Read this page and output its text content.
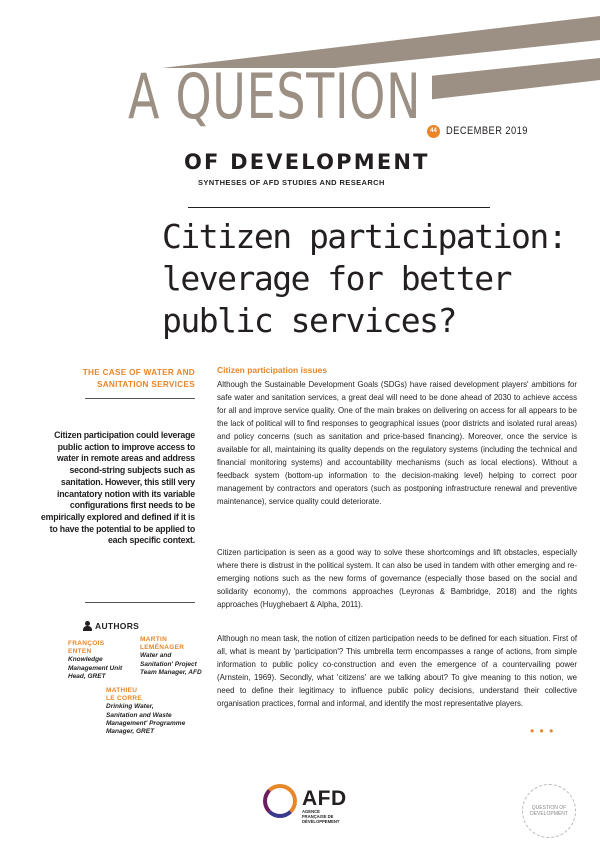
A QUESTION	44 DECEMBER 2019
OF DEVELOPMENT
SYNTHESES OF AFD STUDIES AND RESEARCH
Citizen participation: leverage for better public services?
THE CASE OF WATER AND SANITATION SERVICES
Citizen participation could leverage public action to improve access to water in remote areas and address second-string subjects such as sanitation. However, this still very incantatory notion with its variable configurations first needs to be empirically explored and defined if it is to have the potential to be applied to each specific context.
AUTHORS
FRANÇOIS
ENTEN
Knowledge Management Unit Head, GRET
MARTIN
LEMÉNAGER
Water and Sanitation' Project Team Manager, AFD
MATHIEU
LE CORRE
Drinking Water, Sanitation and Waste Management' Programme Manager, GRET
Citizen participation issues

Although the Sustainable Development Goals (SDGs) have raised development players' ambitions for safe water and sanitation services, a great deal will need to be done ahead of 2030 to achieve access for all and improve service quality. One of the main brakes on delivering on access for all appears to be the lack of political will to find responses to geographical issues (poor districts and isolated rural areas) and policy concerns (such as sanitation and price-based financing). Moreover, once the service is available for all, maintaining its quality depends on the regulatory systems (including the technical and financial monitoring systems) and accountability mechanisms (such as local elections). Without a feedback system (bottom-up information to the decision-making level) helping to correct poor management by contractors and operators (such as postponing infrastructure renewal and preventive maintenance), service quality could deteriorate.

Citizen participation is seen as a good way to solve these shortcomings and lift obstacles, especially where there is distrust in the political system. It can also be used in tandem with other emerging and re-emerging notions such as the new forms of governance (especially those based on the social and solidarity economy), the commons approaches (Leyronas & Bambridge, 2018) and the rights approaches (Huyghebaert & Alpha, 2011).

Although no mean task, the notion of citizen participation needs to be defined for each situation. First of all, what is meant by 'participation'? This umbrella term encompasses a range of actions, from simple information to public policy co-construction and even the emergence of a countervailing power (Arnstein, 1969). Secondly, what 'citizens' are we talking about? To give meaning to this notion, we need to define their legitimacy to influence public policy decisions, understand their collective organisation practices, formal and informal, and identify the most representative players.

• • •
AFD
AGENCE FRANÇAISE DE DÉVELOPPEMENT
QUESTION OF DEVELOPMENT
